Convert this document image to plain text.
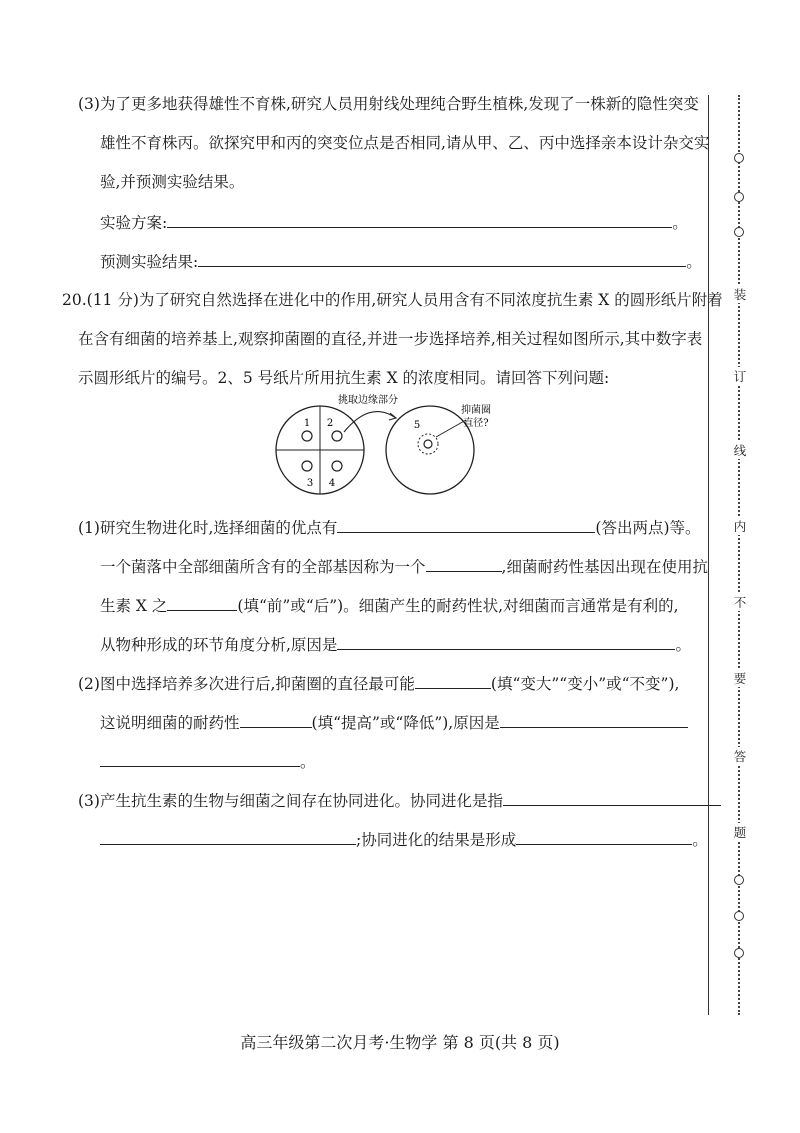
(3)为了更多地获得雄性不育株,研究人员用射线处理纯合野生植株,发现了一株新的隐性突变
雄性不育株丙。欲探究甲和丙的突变位点是否相同,请从甲、乙、丙中选择亲本设计杂交实
验,并预测实验结果。
实验方案:	。
预测实验结果:	。
20.(11 分)为了研究自然选择在进化中的作用,研究人员用含有不同浓度抗生素 X 的圆形纸片附着
在含有细菌的培养基上,观察抑菌圈的直径,并进一步选择培养,相关过程如图所示,其中数字表
示圆形纸片的编号。2、5 号纸片所用抗生素 X 的浓度相同。请回答下列问题:
1 2
3 4
挑取边缘部分
5
抑菌圈
直径?
(1)研究生物进化时,选择细菌的优点有	(答出两点)等。
一个菌落中全部细菌所含有的全部基因称为一个	,细菌耐药性基因出现在使用抗
生素 X 之	(填“前”或“后”)。细菌产生的耐药性状,对细菌而言通常是有利的,
从物种形成的环节角度分析,原因是	。
(2)图中选择培养多次进行后,抑菌圈的直径最可能	(填“变大”“变小”或“不变”),
这说明细菌的耐药性	(填“提高”或“降低”),原因是
。
(3)产生抗生素的生物与细菌之间存在协同进化。协同进化是指
;协同进化的结果是形成	。
装
订
线
内
不
要
答
题
高三年级第二次月考·生物学 第 8 页(共 8 页)
